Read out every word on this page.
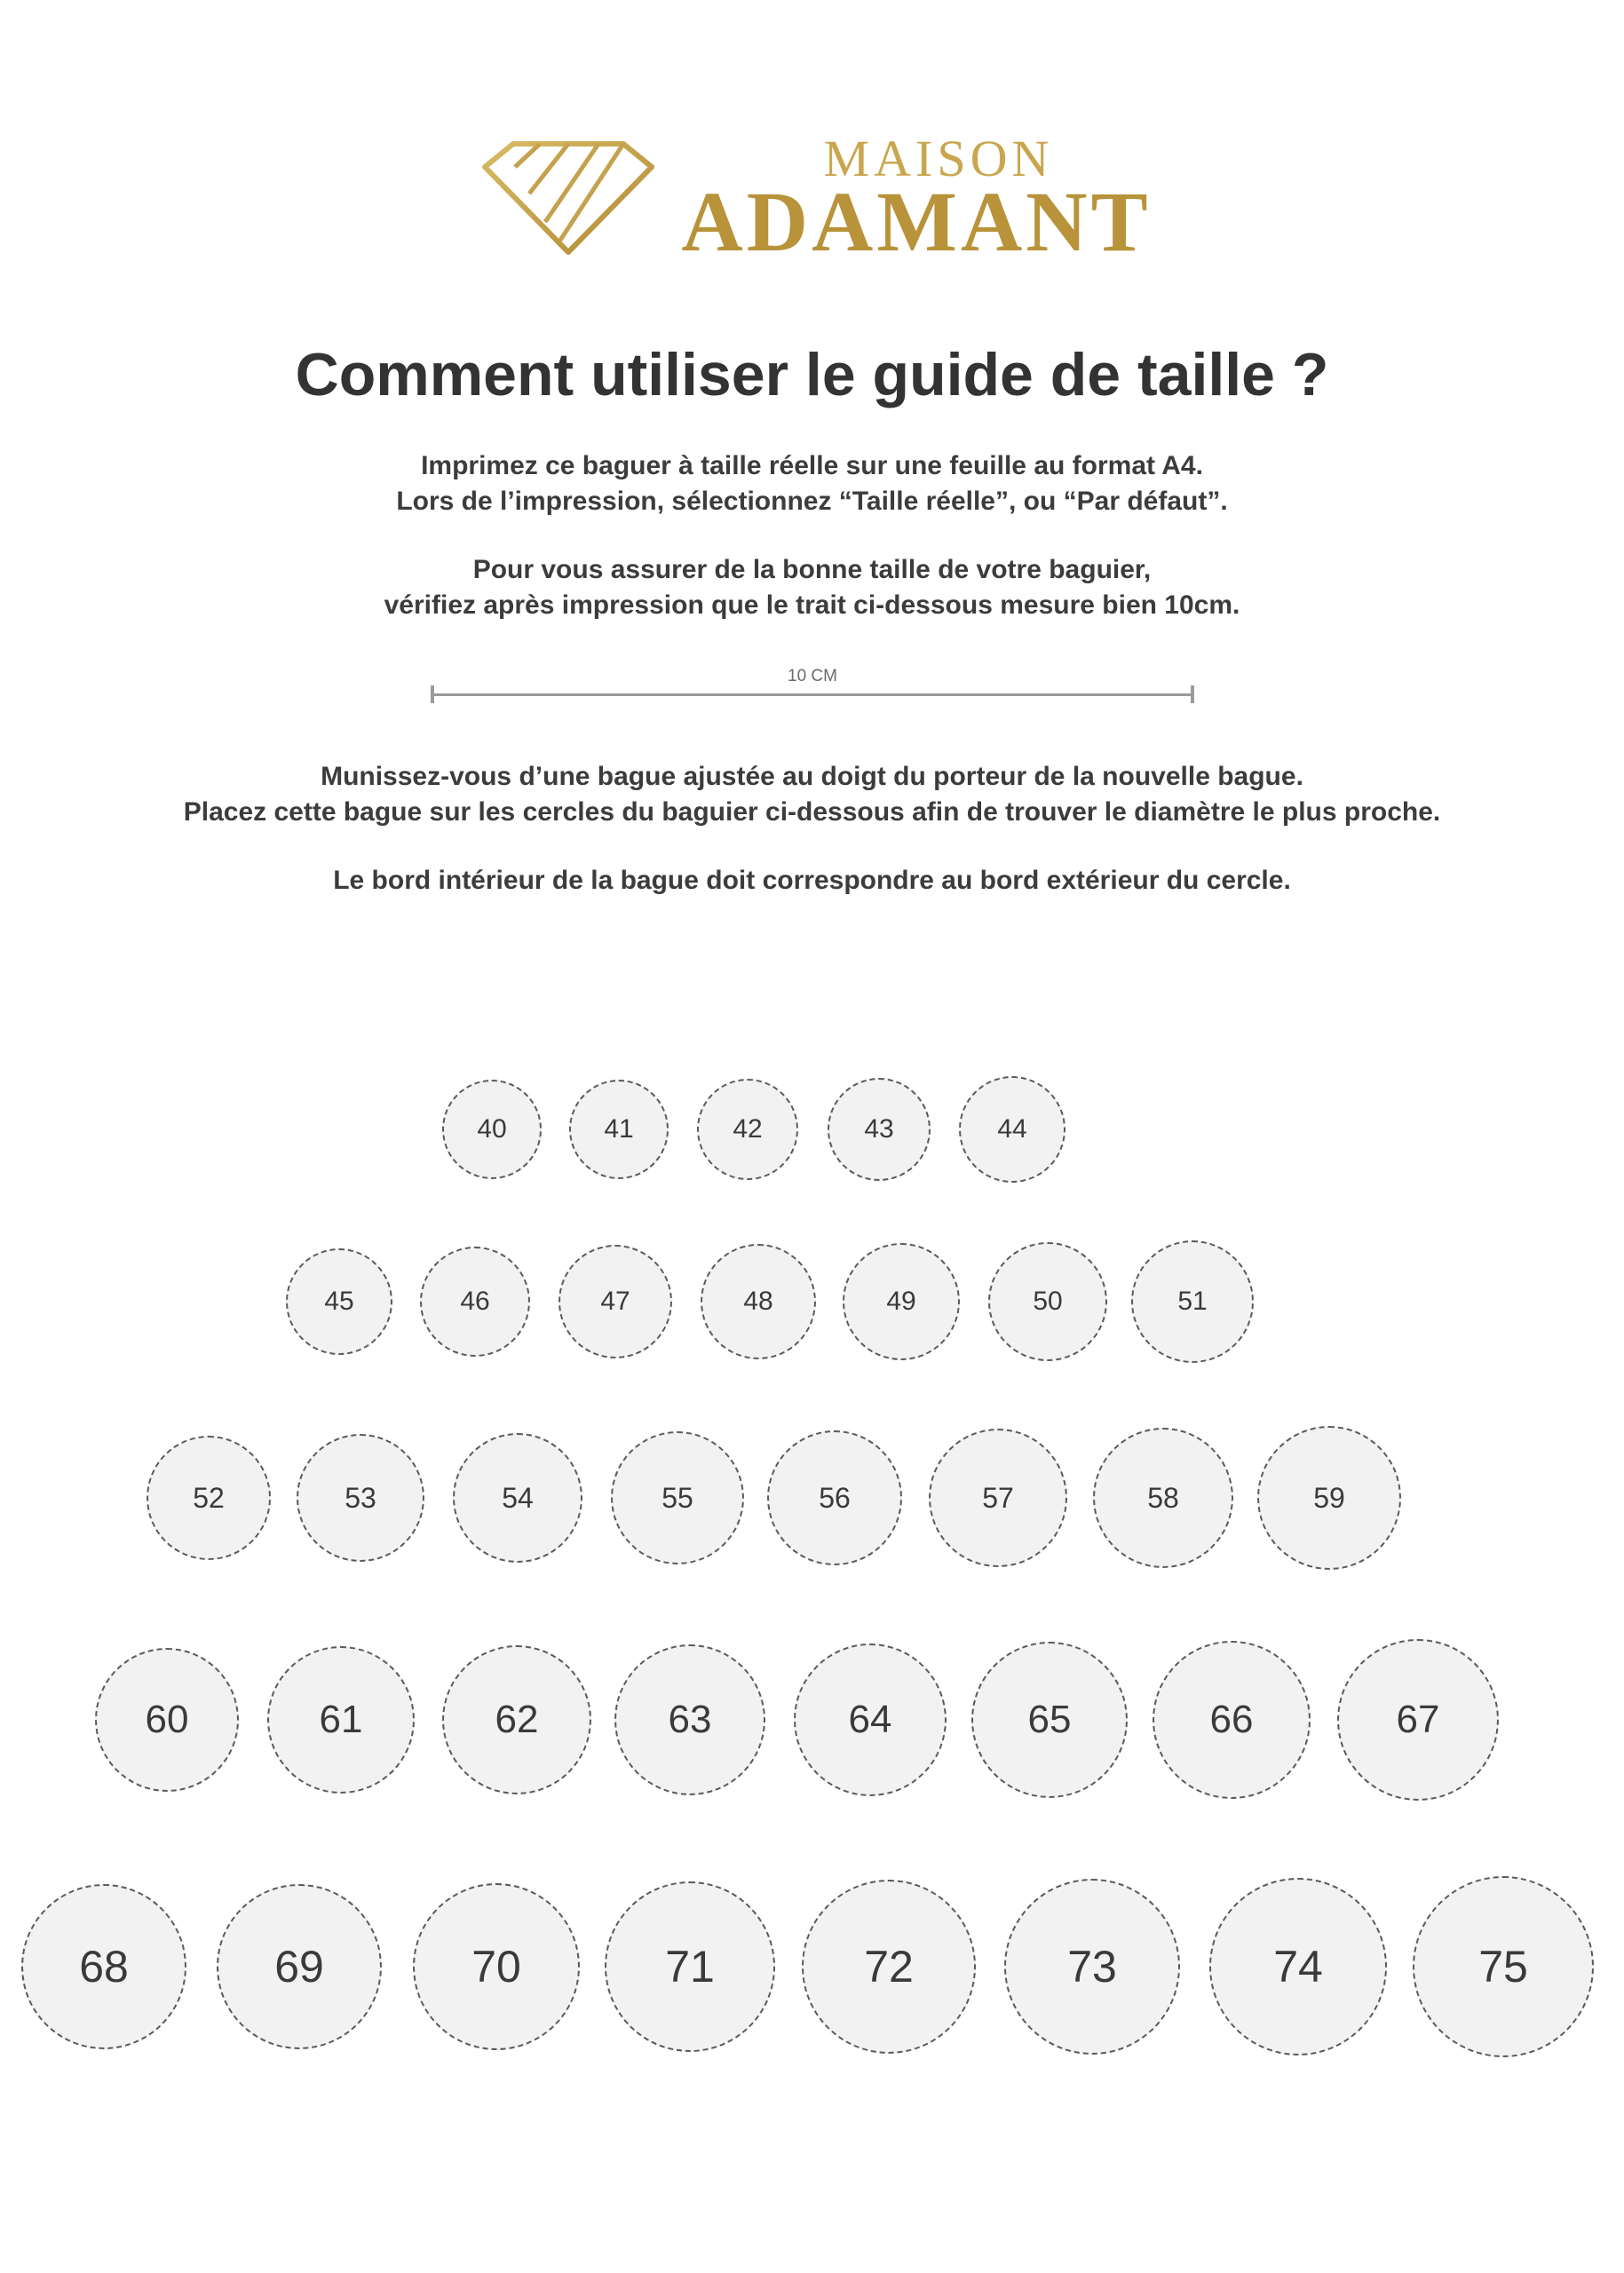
MAISON
ADAMANT
Comment utiliser le guide de taille ?
Imprimez ce baguer à taille réelle sur une feuille au format A4.
Lors de l’impression, sélectionnez “Taille réelle”, ou “Par défaut”.
Pour vous assurer de la bonne taille de votre baguier,
vérifiez après impression que le trait ci-dessous mesure bien 10cm.
10 CM
Munissez-vous d’une bague ajustée au doigt du porteur de la nouvelle bague.
Placez cette bague sur les cercles du baguier ci-dessous afin de trouver le diamètre le plus proche.
Le bord intérieur de la bague doit correspondre au bord extérieur du cercle.
40	41	42	43	44
45	46	47	48	49	50	51
52	53	54	55	56	57	58	59
60	61	62	63	64	65	66	67
68	69	70	71	72	73	74	75
